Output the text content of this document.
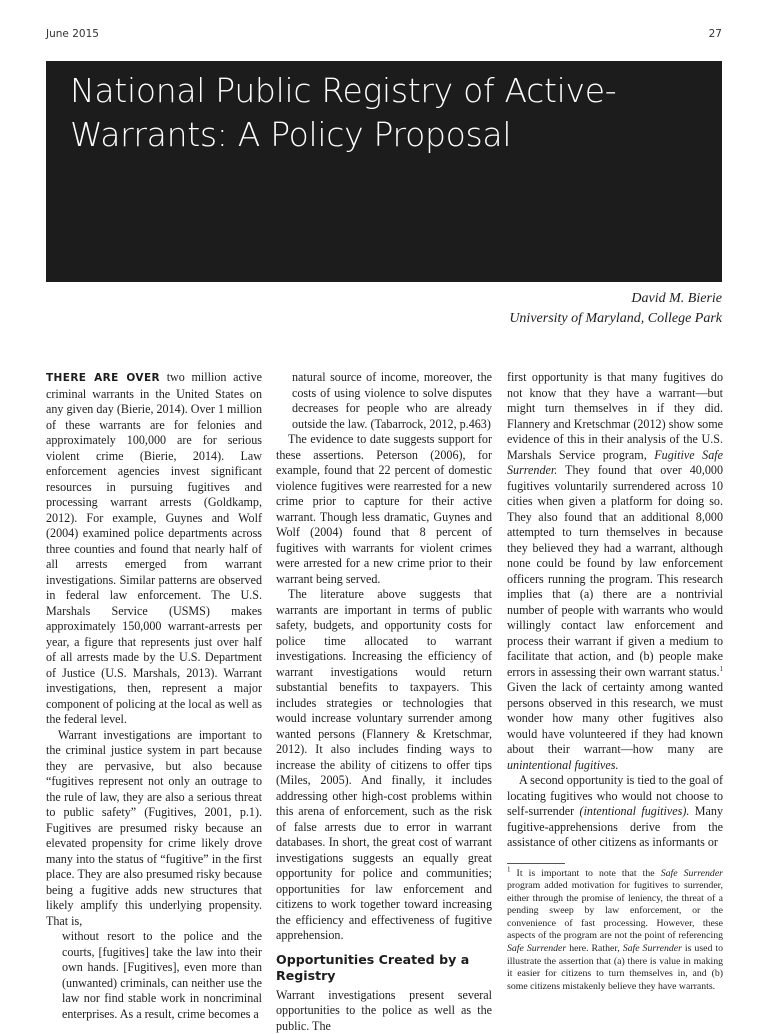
June 2015	27
National Public Registry of Active-Warrants: A Policy Proposal
David M. Bierie
University of Maryland, College Park

THERE ARE OVER two million active criminal warrants in the United States on any given day (Bierie, 2014). Over 1 million of these warrants are for felonies and approximately 100,000 are for serious violent crime (Bierie, 2014). Law enforcement agencies invest significant resources in pursuing fugitives and processing warrant arrests (Goldkamp, 2012). For example, Guynes and Wolf (2004) examined police departments across three counties and found that nearly half of all arrests emerged from warrant investigations. Similar patterns are observed in federal law enforcement. The U.S. Marshals Service (USMS) makes approximately 150,000 warrant-arrests per year, a figure that represents just over half of all arrests made by the U.S. Department of Justice (U.S. Marshals, 2013). Warrant investigations, then, represent a major component of policing at the local as well as the federal level.

Warrant investigations are important to the criminal justice system in part because they are pervasive, but also because “fugitives represent not only an outrage to the rule of law, they are also a serious threat to public safety” (Fugitives, 2001, p.1). Fugitives are presumed risky because an elevated propensity for crime likely drove many into the status of “fugitive” in the first place. They are also presumed risky because being a fugitive adds new structures that likely amplify this underlying propensity. That is,

without resort to the police and the courts, [fugitives] take the law into their own hands. [Fugitives], even more than (unwanted) criminals, can neither use the law nor find stable work in noncriminal enterprises. As a result, crime becomes a

natural source of income, moreover, the costs of using violence to solve disputes decreases for people who are already outside the law. (Tabarrock, 2012, p.463)

The evidence to date suggests support for these assertions. Peterson (2006), for example, found that 22 percent of domestic violence fugitives were rearrested for a new crime prior to capture for their active warrant. Though less dramatic, Guynes and Wolf (2004) found that 8 percent of fugitives with warrants for violent crimes were arrested for a new crime prior to their warrant being served.

The literature above suggests that warrants are important in terms of public safety, budgets, and opportunity costs for police time allocated to warrant investigations. Increasing the efficiency of warrant investigations would return substantial benefits to taxpayers. This includes strategies or technologies that would increase voluntary surrender among wanted persons (Flannery & Kretschmar, 2012). It also includes finding ways to increase the ability of citizens to offer tips (Miles, 2005). And finally, it includes addressing other high-cost problems within this arena of enforcement, such as the risk of false arrests due to error in warrant databases. In short, the great cost of warrant investigations suggests an equally great opportunity for police and communities; opportunities for law enforcement and citizens to work together toward increasing the efficiency and effectiveness of fugitive apprehension.

Opportunities Created by a Registry

Warrant investigations present several opportunities to the police as well as the public. The

first opportunity is that many fugitives do not know that they have a warrant—but might turn themselves in if they did. Flannery and Kretschmar (2012) show some evidence of this in their analysis of the U.S. Marshals Service program, Fugitive Safe Surrender. They found that over 40,000 fugitives voluntarily surrendered across 10 cities when given a platform for doing so. They also found that an additional 8,000 attempted to turn themselves in because they believed they had a warrant, although none could be found by law enforcement officers running the program. This research implies that (a) there are a nontrivial number of people with warrants who would willingly contact law enforcement and process their warrant if given a medium to facilitate that action, and (b) people make errors in assessing their own warrant status.$^1$ Given the lack of certainty among wanted persons observed in this research, we must wonder how many other fugitives also would have volunteered if they had known about their warrant—how many are unintentional fugitives.

A second opportunity is tied to the goal of locating fugitives who would not choose to self-surrender (intentional fugitives). Many fugitive-apprehensions derive from the assistance of other citizens as informants or

$^1$ It is important to note that the Safe Surrender program added motivation for fugitives to surrender, either through the promise of leniency, the threat of a pending sweep by law enforcement, or the convenience of fast processing. However, these aspects of the program are not the point of referencing Safe Surrender here. Rather, Safe Surrender is used to illustrate the assertion that (a) there is value in making it easier for citizens to turn themselves in, and (b) some citizens mistakenly believe they have warrants.
